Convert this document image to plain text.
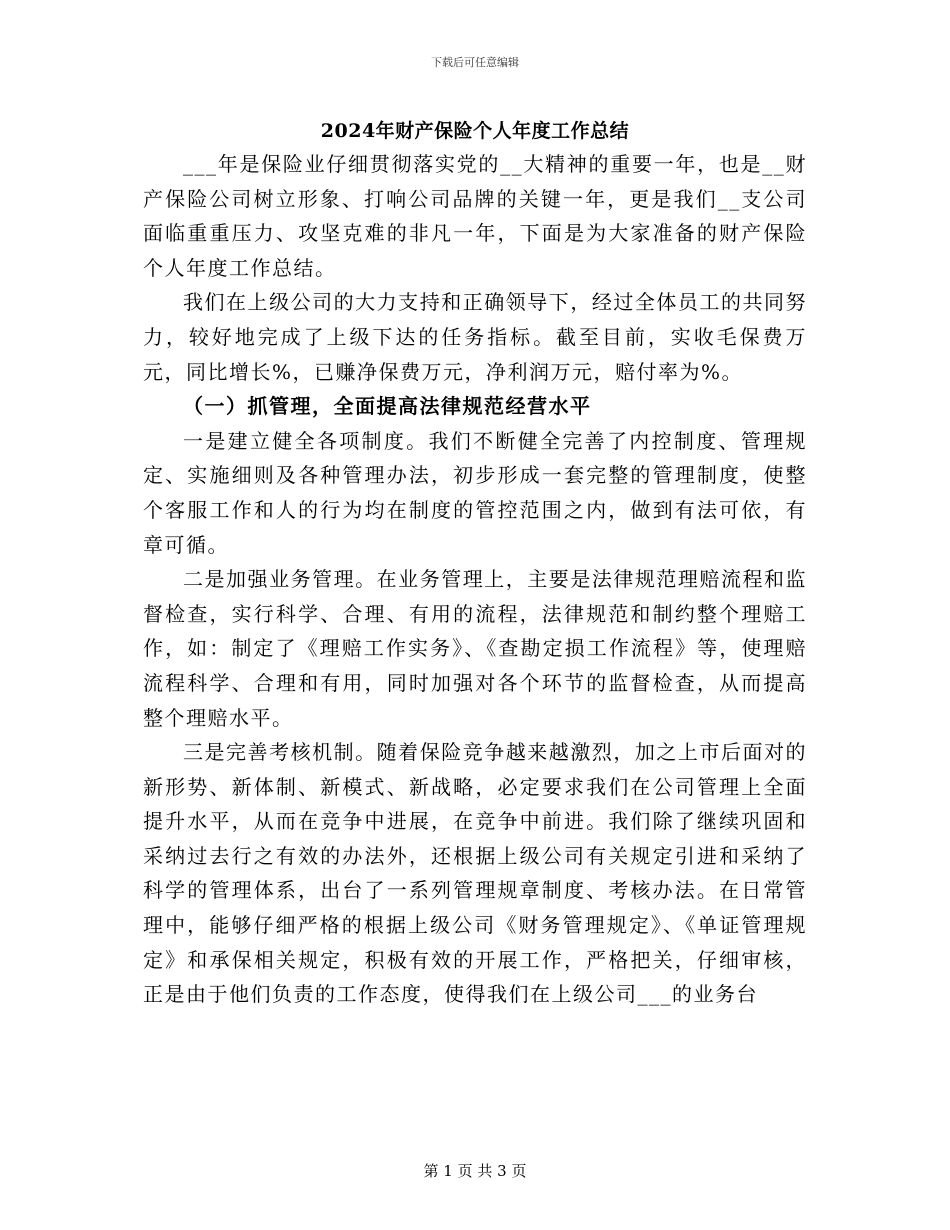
下载后可任意编辑
2024年财产保险个人年度工作总结

___年是保险业仔细贯彻落实党的__大精神的重要一年，也是__财产保险公司树立形象、打响公司品牌的关键一年，更是我们__支公司面临重重压力、攻坚克难的非凡一年，下面是为大家准备的财产保险个人年度工作总结。

我们在上级公司的大力支持和正确领导下，经过全体员工的共同努力，较好地完成了上级下达的任务指标。截至目前，实收毛保费万元，同比增长%，已赚净保费万元，净利润万元，赔付率为%。

（一）抓管理，全面提高法律规范经营水平

一是建立健全各项制度。我们不断健全完善了内控制度、管理规定、实施细则及各种管理办法，初步形成一套完整的管理制度，使整个客服工作和人的行为均在制度的管控范围之内，做到有法可依，有章可循。

二是加强业务管理。在业务管理上，主要是法律规范理赔流程和监督检查，实行科学、合理、有用的流程，法律规范和制约整个理赔工作，如：制定了《理赔工作实务》、《查勘定损工作流程》等，使理赔流程科学、合理和有用，同时加强对各个环节的监督检查，从而提高整个理赔水平。

三是完善考核机制。随着保险竞争越来越激烈，加之上市后面对的新形势、新体制、新模式、新战略，必定要求我们在公司管理上全面提升水平，从而在竞争中进展，在竞争中前进。我们除了继续巩固和采纳过去行之有效的办法外，还根据上级公司有关规定引进和采纳了科学的管理体系，出台了一系列管理规章制度、考核办法。在日常管理中，能够仔细严格的根据上级公司《财务管理规定》、《单证管理规定》和承保相关规定，积极有效的开展工作，严格把关，仔细审核，正是由于他们负责的工作态度，使得我们在上级公司___的业务台

第 1 页 共 3 页
